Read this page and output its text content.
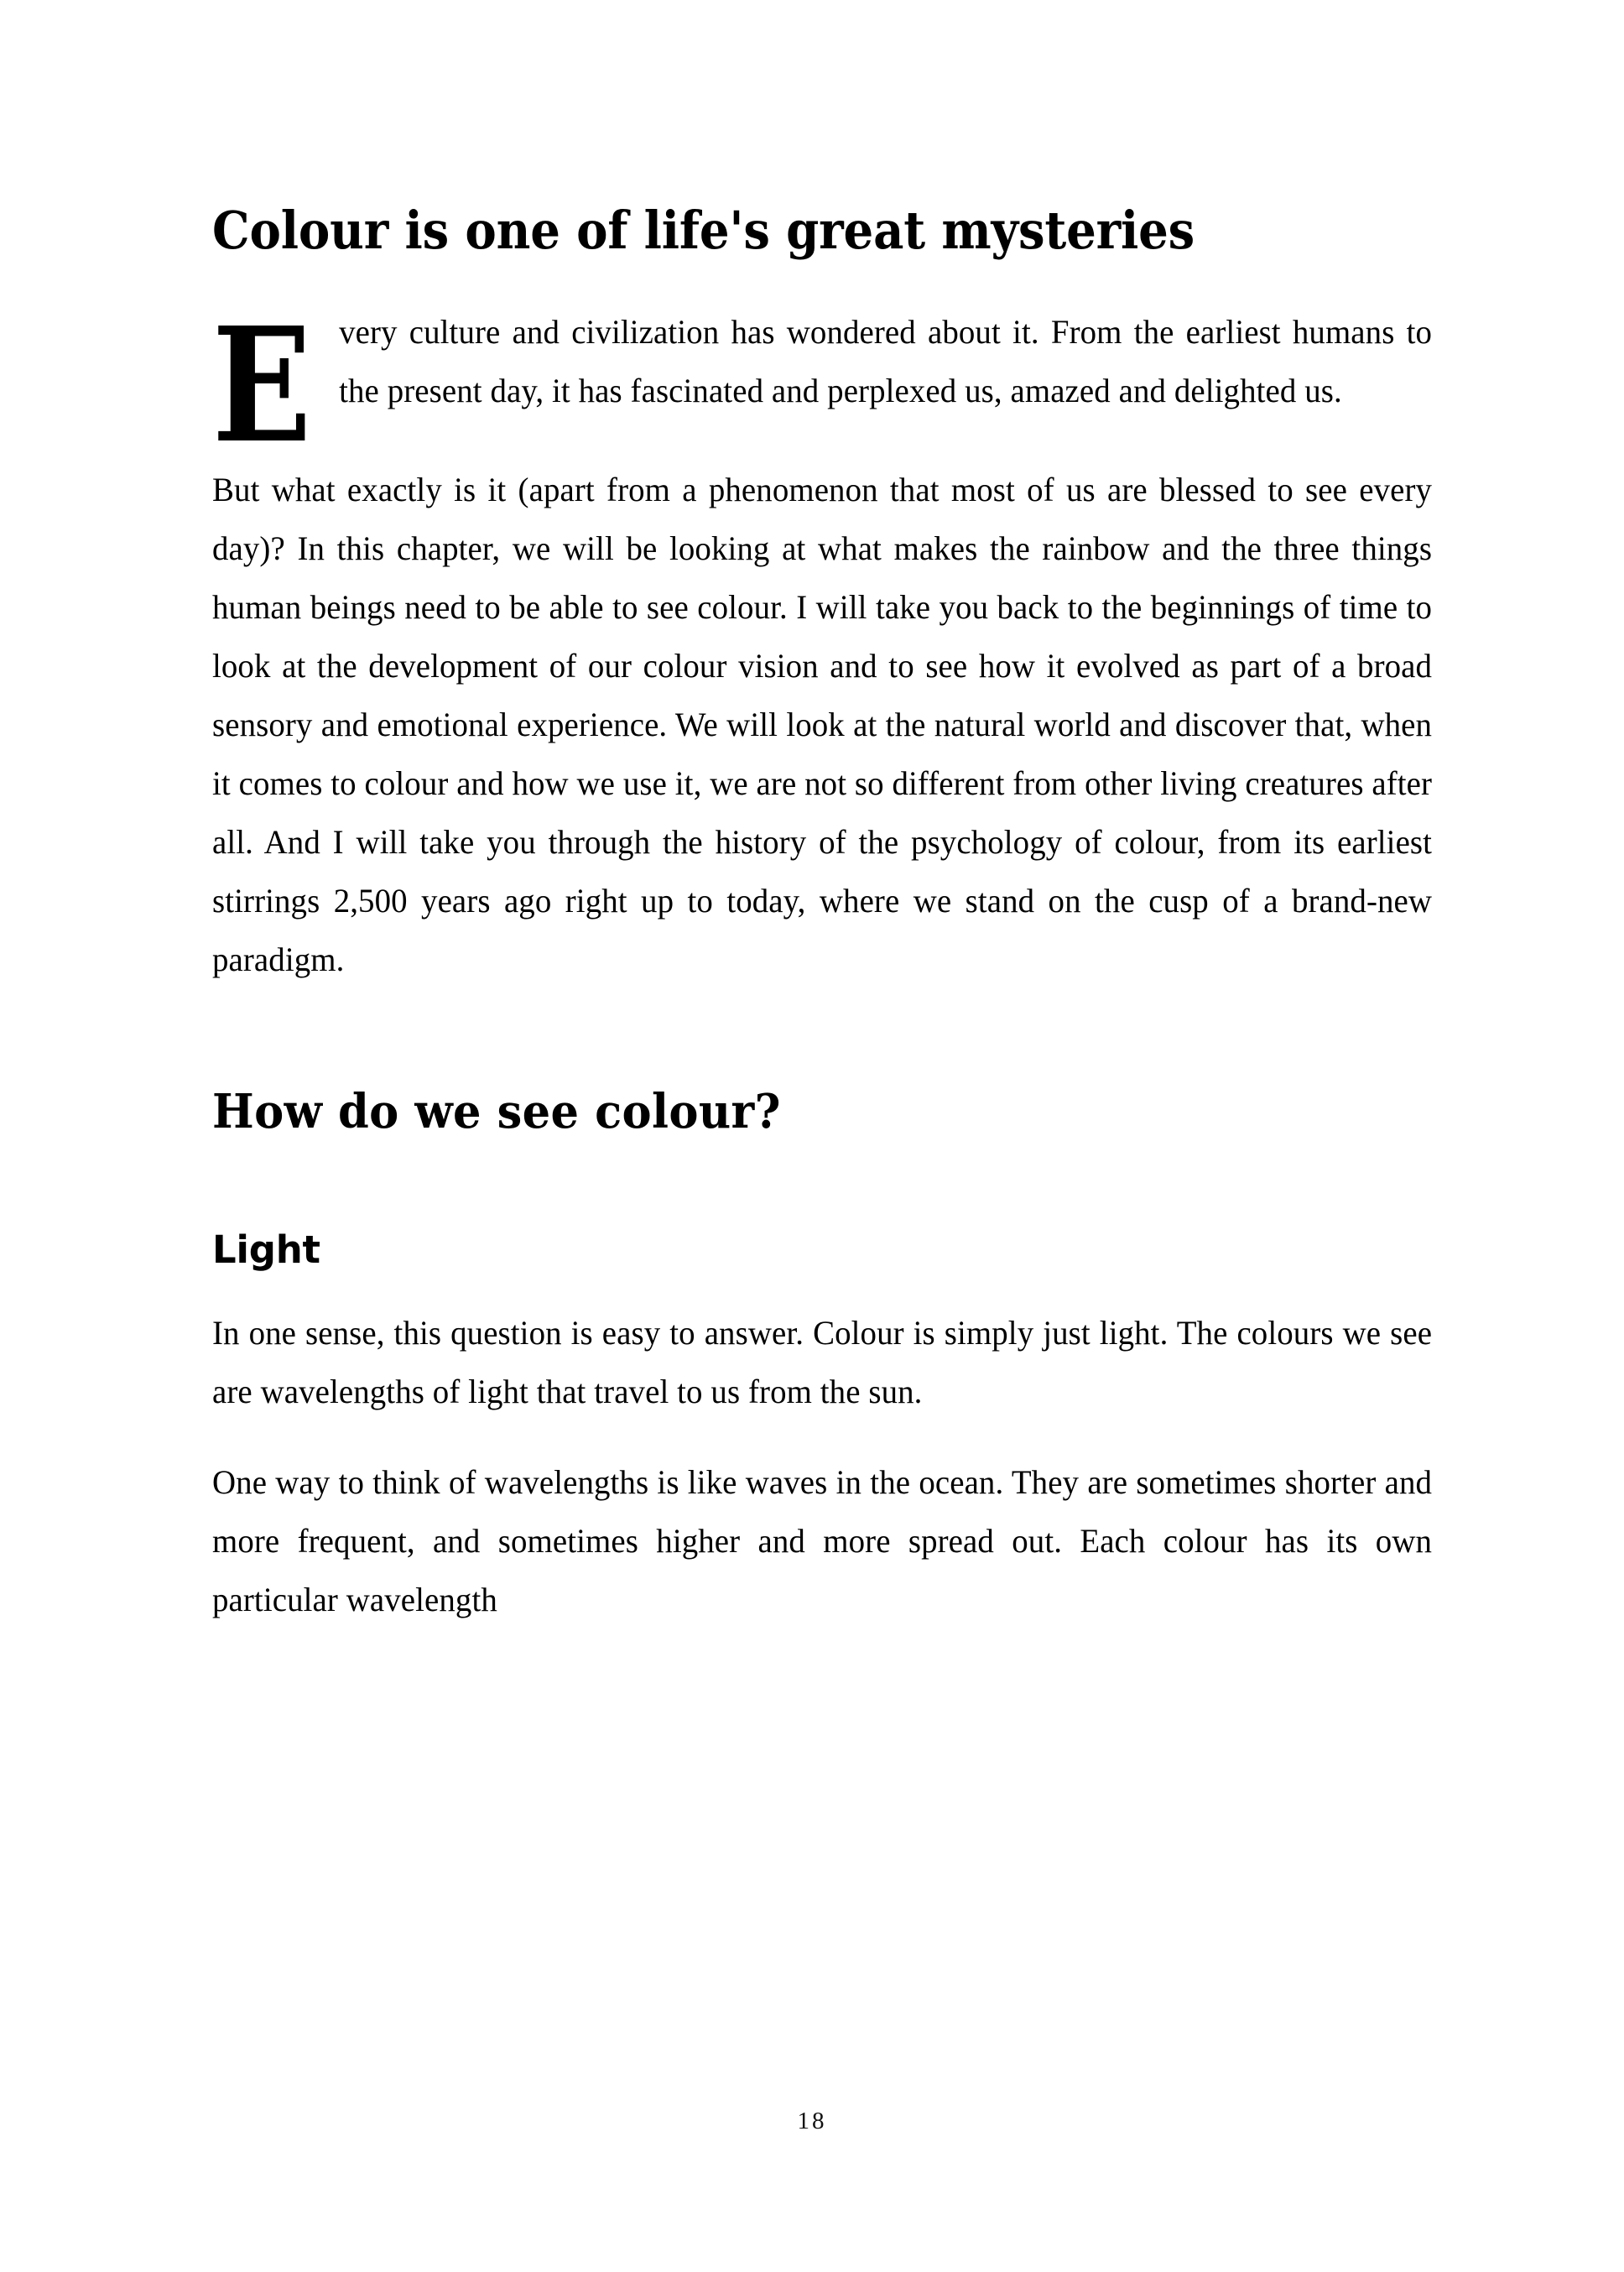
Colour is one of life's great mysteries

Every culture and civilization has wondered about it. From the earliest humans to the present day, it has fascinated and perplexed us, amazed and delighted us.

But what exactly is it (apart from a phenomenon that most of us are blessed to see every day)? In this chapter, we will be looking at what makes the rainbow and the three things human beings need to be able to see colour. I will take you back to the beginnings of time to look at the development of our colour vision and to see how it evolved as part of a broad sensory and emotional experience. We will look at the natural world and discover that, when it comes to colour and how we use it, we are not so different from other living creatures after all. And I will take you through the history of the psychology of colour, from its earliest stirrings 2,500 years ago right up to today, where we stand on the cusp of a brand-new paradigm.

How do we see colour?
Light

In one sense, this question is easy to answer. Colour is simply just light. The colours we see are wavelengths of light that travel to us from the sun.

One way to think of wavelengths is like waves in the ocean. They are sometimes shorter and more frequent, and sometimes higher and more spread out. Each colour has its own particular wavelength

18
